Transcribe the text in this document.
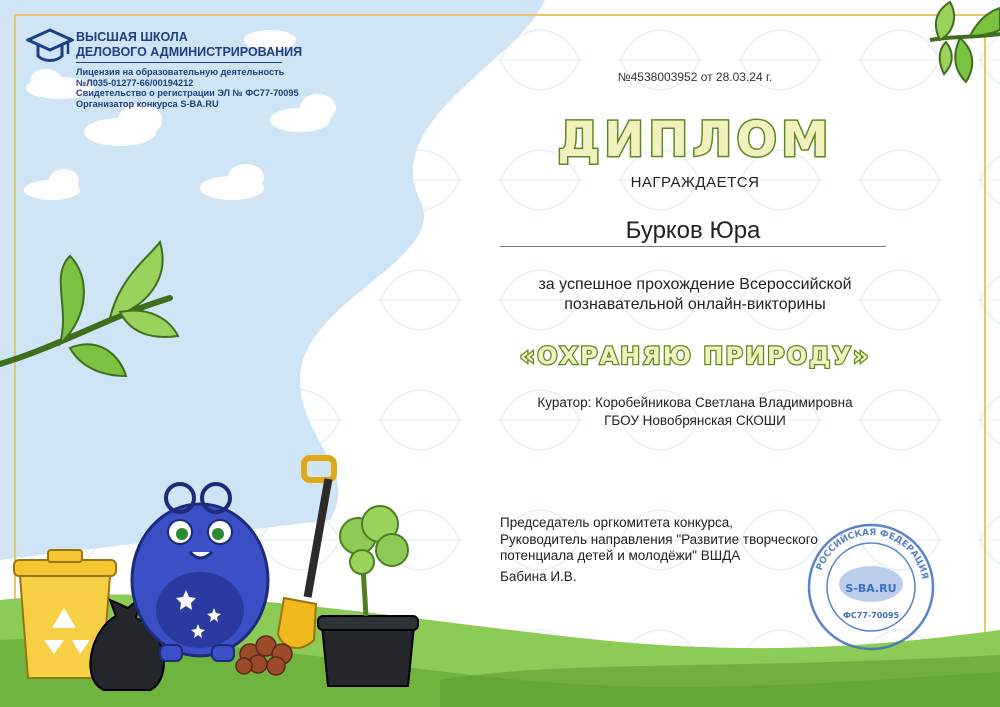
ВЫСШАЯ ШКОЛА
ДЕЛОВОГО АДМИНИСТРИРОВАНИЯ
Лицензия на образовательную деятельность
№Л035-01277-66/00194212
Свидетельство о регистрации ЭЛ № ФС77-70095
Организатор конкурса S-BA.RU
№4538003952 от 28.03.24 г.
ДИПЛОМ
НАГРАЖДАЕТСЯ
Бурков Юра
за успешное прохождение Всероссийской
познавательной онлайн-викторины
«ОХРАНЯЮ ПРИРОДУ»
Куратор: Коробейникова Светлана Владимировна
ГБОУ Новобрянская СКОШИ
Председатель оргкомитета конкурса,
Руководитель направления "Развитие творческого
потенциала детей и молодёжи" ВШДА
Бабина И.В.
РОССИЙСКАЯ ФЕДЕРАЦИЯ
S-BA.RU
ФС77-70095
